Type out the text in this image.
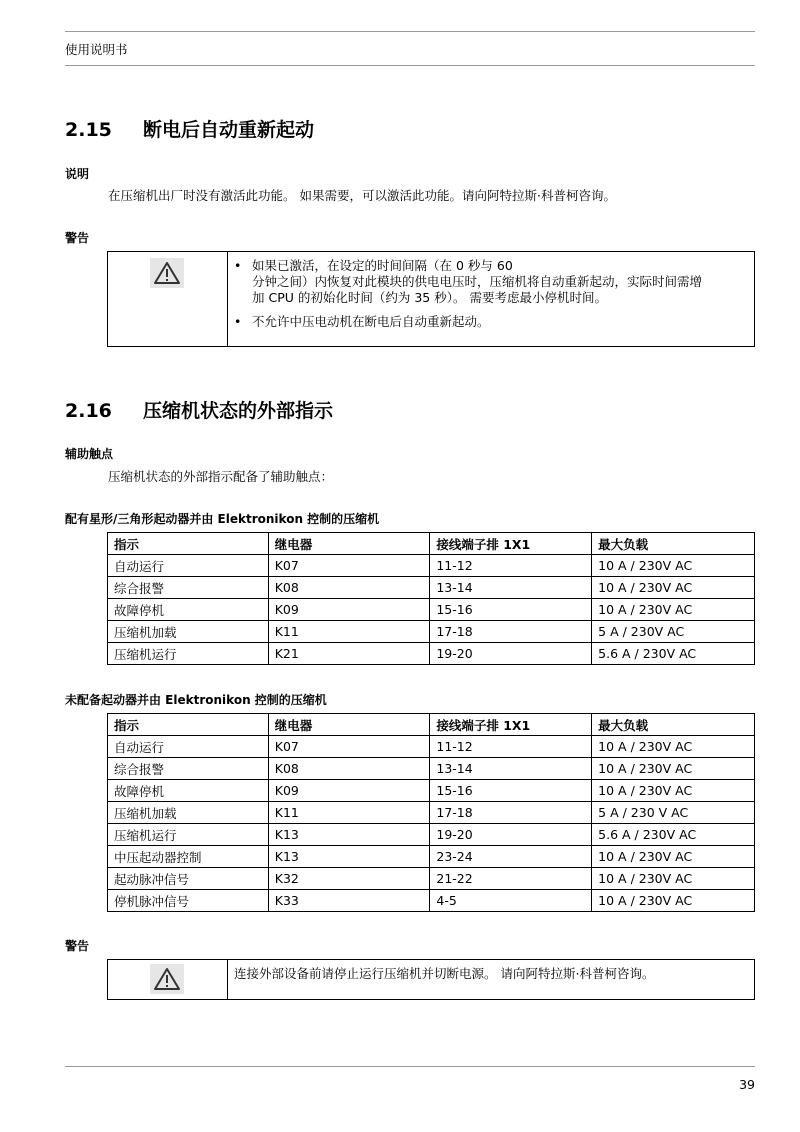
使用说明书
2.15 断电后自动重新起动
说明
在压缩机出厂时没有激活此功能。 如果需要，可以激活此功能。请向阿特拉斯·科普柯咨询。
警告
• 如果已激活，在设定的时间间隔（在 0 秒与 60
分钟之间）内恢复对此模块的供电电压时，压缩机将自动重新起动，实际时间需增
加 CPU 的初始化时间（约为 35 秒）。 需要考虑最小停机时间。
• 不允许中压电动机在断电后自动重新起动。
2.16 压缩机状态的外部指示
辅助触点
压缩机状态的外部指示配备了辅助触点：
配有星形/三角形起动器并由 Elektronikon 控制的压缩机
指示	继电器	接线端子排 1X1	最大负载
自动运行	K07	11-12	10 A / 230V AC
综合报警	K08	13-14	10 A / 230V AC
故障停机	K09	15-16	10 A / 230V AC
压缩机加载	K11	17-18	5 A / 230V AC
压缩机运行	K21	19-20	5.6 A / 230V AC
未配备起动器并由 Elektronikon 控制的压缩机
指示	继电器	接线端子排 1X1	最大负载
自动运行	K07	11-12	10 A / 230V AC
综合报警	K08	13-14	10 A / 230V AC
故障停机	K09	15-16	10 A / 230V AC
压缩机加载	K11	17-18	5 A / 230 V AC
压缩机运行	K13	19-20	5.6 A / 230V AC
中压起动器控制	K13	23-24	10 A / 230V AC
起动脉冲信号	K32	21-22	10 A / 230V AC
停机脉冲信号	K33	4-5	10 A / 230V AC
警告
连接外部设备前请停止运行压缩机并切断电源。 请向阿特拉斯·科普柯咨询。
39
